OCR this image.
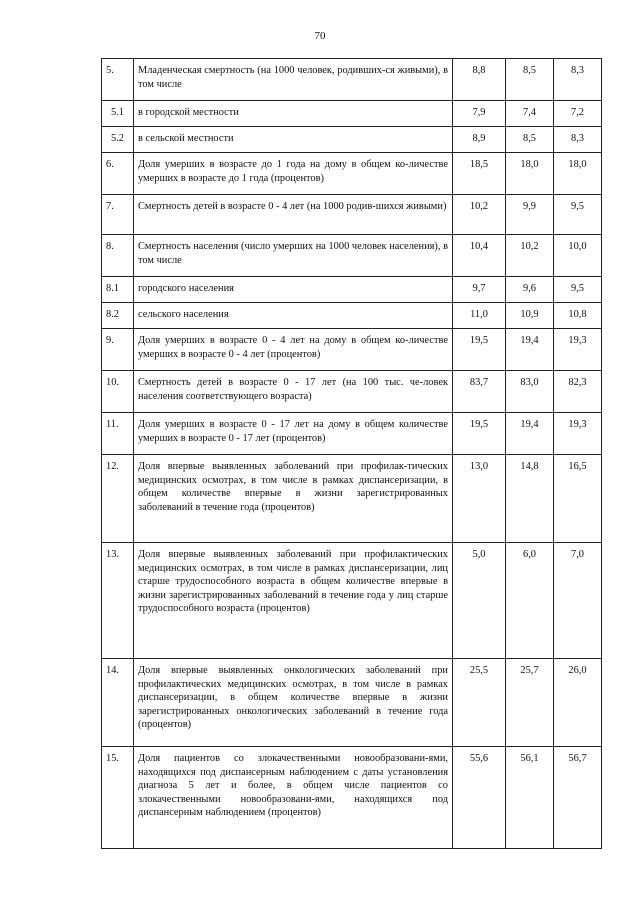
70
5.	Младенческая смертность (на 1000 человек, родивших-ся живыми), в том числе	8,8	8,5	8,3
5.1	в городской местности	7,9	7,4	7,2
5.2	в сельской местности	8,9	8,5	8,3
6.	Доля умерших в возрасте до 1 года на дому в общем ко-личестве умерших в возрасте до 1 года (процентов)	18,5	18,0	18,0
7.	Смертность детей в возрасте 0 - 4 лет (на 1000 родив-шихся живыми)	10,2	9,9	9,5
8.	Смертность населения (число умерших на 1000 человек населения), в том числе	10,4	10,2	10,0
8.1	городского населения	9,7	9,6	9,5
8.2	сельского населения	11,0	10,9	10,8
9.	Доля умерших в возрасте 0 - 4 лет на дому в общем ко-личестве умерших в возрасте 0 - 4 лет (процентов)	19,5	19,4	19,3
10.	Смертность детей в возрасте 0 - 17 лет (на 100 тыс. че-ловек населения соответствующего возраста)	83,7	83,0	82,3
11.	Доля умерших в возрасте 0 - 17 лет на дому в общем количестве умерших в возрасте 0 - 17 лет (процентов)	19,5	19,4	19,3
12.	Доля впервые выявленных заболеваний при профилак-тических медицинских осмотрах, в том числе в рамках диспансеризации, в общем количестве впервые в жизни зарегистрированных заболеваний в течение года (процентов)	13,0	14,8	16,5
13.	Доля впервые выявленных заболеваний при профилактических медицинских осмотрах, в том числе в рамках диспансеризации, лиц старше трудоспособного возраста в общем количестве впервые в жизни зарегистрированных заболеваний в течение года у лиц старше трудоспособного возраста (процентов)	5,0	6,0	7,0
14.	Доля впервые выявленных онкологических заболеваний при профилактических медицинских осмотрах, в том числе в рамках диспансеризации, в общем количестве впервые в жизни зарегистрированных онкологических заболеваний в течение года (процентов)	25,5	25,7	26,0
15.	Доля пациентов со злокачественными новообразовани-ями, находящихся под диспансерным наблюдением с даты установления диагноза 5 лет и более, в общем числе пациентов со злокачественными новообразовани-ями, находящихся под диспансерным наблюдением (процентов)	55,6	56,1	56,7
